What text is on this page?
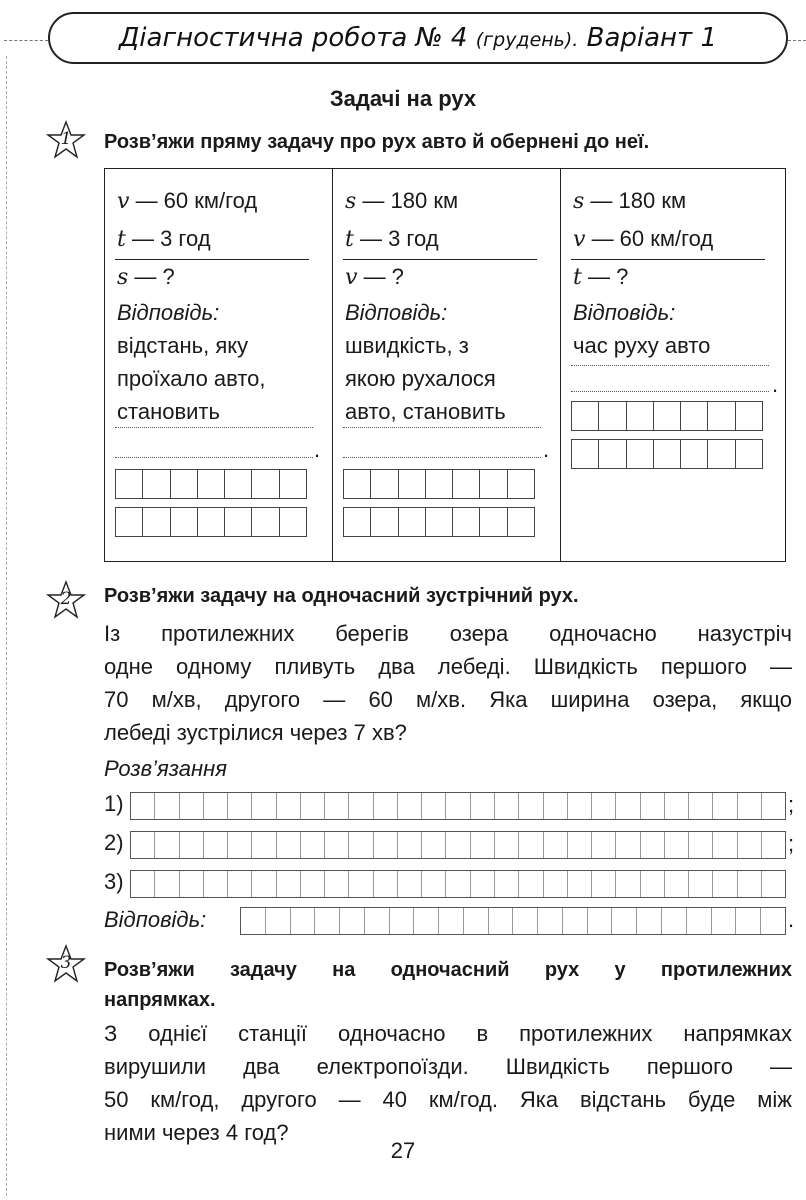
Діагностична робота № 4 (грудень). Варіант 1
Задачі на рух
1	Розв’яжи пряму задачу про рух авто й обернені до неї.
v — 60 км/год
t — 3 год
s — ?
Відповідь:
відстань, яку
проїхало авто,
становить
.
s — 180 км
t — 3 год
v — ?
Відповідь:
швидкість, з
якою рухалося
авто, становить
.
s — 180 км
v — 60 км/год
t — ?
Відповідь:
час руху авто
.
2	Розв’яжи задачу на одночасний зустрічний рух.
Із протилежних берегів озера одночасно назустріч
одне одному пливуть два лебеді. Швидкість першого —
70 м/хв, другого — 60 м/хв. Яка ширина озера, якщо
лебеді зустрілися через 7 хв?
Розв’язання
1)	;
2)	;
3)
Відповідь:	.
3	Розв’яжи задачу на одночасний рух у протилежних
напрямках.
З однієї станції одночасно в протилежних напрямках
вирушили два електропоїзди. Швидкість першого —
50 км/год, другого — 40 км/год. Яка відстань буде між
ними через 4 год?
27
